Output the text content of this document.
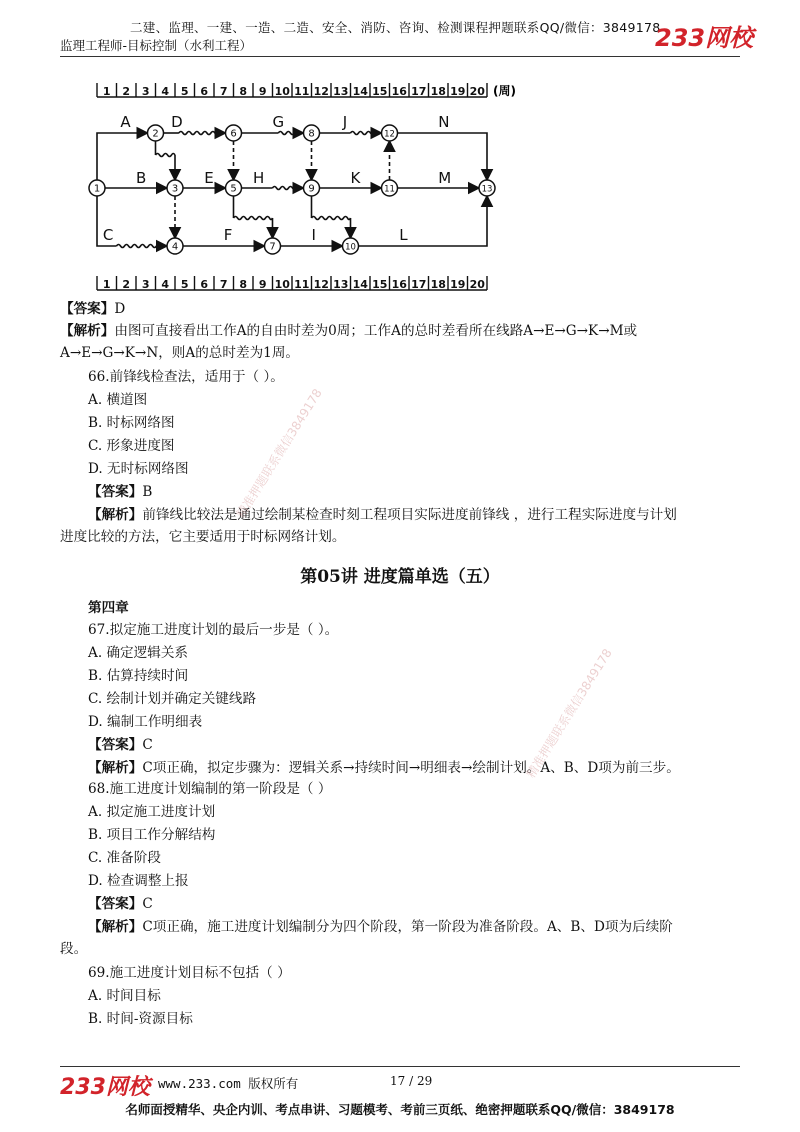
二建、监理、一建、一造、二造、安全、消防、咨询、检测课程押题联系QQ/微信：3849178
监理工程师-目标控制（水利工程）	233网校
1 2 3 4 5 6 7 8 9 10 11 12 13 14 15 16 17 18 19 20 (周)
1 2 3 4 5 6 7 8 9 10 11 12 13 14 15 16 17 18 19 20
1
2
3
4
5
6
7
8
9
10
11
12
13
A
B
C
D
E
F
G
H
I
J
K
L
M
N
【答案】D
【解析】由图可直接看出工作A的自由时差为0周；工作A的总时差看所在线路A→E→G→K→M或
A→E→G→K→N，则A的总时差为1周。
66.前锋线检查法，适用于（ ）。
A. 横道图
B. 时标网络图
C. 形象进度图
D. 无时标网络图
【答案】B
【解析】前锋线比较法是通过绘制某检查时刻工程项目实际进度前锋线 ，进行工程实际进度与计划
进度比较的方法，它主要适用于时标网络计划。
第05讲 进度篇单选（五）
第四章
67.拟定施工进度计划的最后一步是（ ）。
A. 确定逻辑关系
B. 估算持续时间
C. 绘制计划并确定关键线路
D. 编制工作明细表
【答案】C
【解析】C项正确，拟定步骤为：逻辑关系→持续时间→明细表→绘制计划。A、B、D项为前三步。
68.施工进度计划编制的第一阶段是（ ）
A. 拟定施工进度计划
B. 项目工作分解结构
C. 准备阶段
D. 检查调整上报
【答案】C
【解析】C项正确，施工进度计划编制分为四个阶段，第一阶段为准备阶段。A、B、D项为后续阶
段。
69.施工进度计划目标不包括（ ）
A. 时间目标
B. 时间-资源目标
精准押题联系微信3849178
精准押题联系微信3849178
233网校 www.233.com 版权所有	17 / 29
名师面授精华、央企内训、考点串讲、习题模考、考前三页纸、绝密押题联系QQ/微信：3849178
